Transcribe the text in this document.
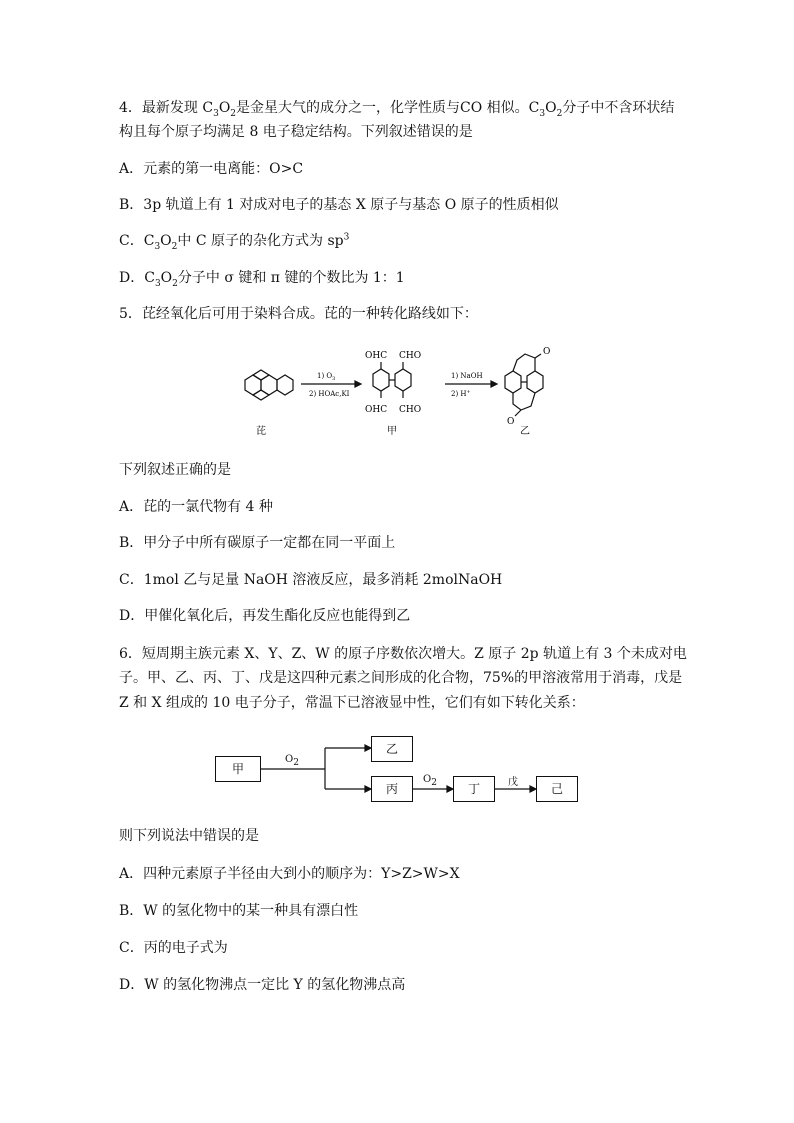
4．最新发现 $C_3O_2$是金星大气的成分之一，化学性质与CO 相似。$C_3O_2$分子中不含环状结
构且每个原子均满足 8 电子稳定结构。下列叙述错误的是
A．元素的第一电离能：O>C
B．3p 轨道上有 1 对成对电子的基态 X 原子与基态 O 原子的性质相似
C．$C_3O_2$中 C 原子的杂化方式为 $sp^3$
D．$C_3O_2$分子中 σ 键和 π 键的个数比为 1：1
5．芘经氧化后可用于染料合成。芘的一种转化路线如下：
芘	甲	乙
1) $O_3$
2) HOAc,KI
1) NaOH
2) H+
OHC CHO
OHC CHO
O
O
下列叙述正确的是
A．芘的一氯代物有 4 种
B．甲分子中所有碳原子一定都在同一平面上
C．1mol 乙与足量 NaOH 溶液反应，最多消耗 2molNaOH
D．甲催化氧化后，再发生酯化反应也能得到乙
6．短周期主族元素 X、Y、Z、W 的原子序数依次增大。Z 原子 2p 轨道上有 3 个未成对电
子。甲、乙、丙、丁、戊是这四种元素之间形成的化合物，75%的甲溶液常用于消毒，戊是
Z 和 X 组成的 10 电子分子，常温下已溶液显中性，它们有如下转化关系：
甲
乙
丙	丁	己
$O_2$
$O_2$	戊
则下列说法中错误的是
A．四种元素原子半径由大到小的顺序为：Y>Z>W>X
B．W 的氢化物中的某一种具有漂白性
C．丙的电子式为
D．W 的氢化物沸点一定比 Y 的氢化物沸点高
